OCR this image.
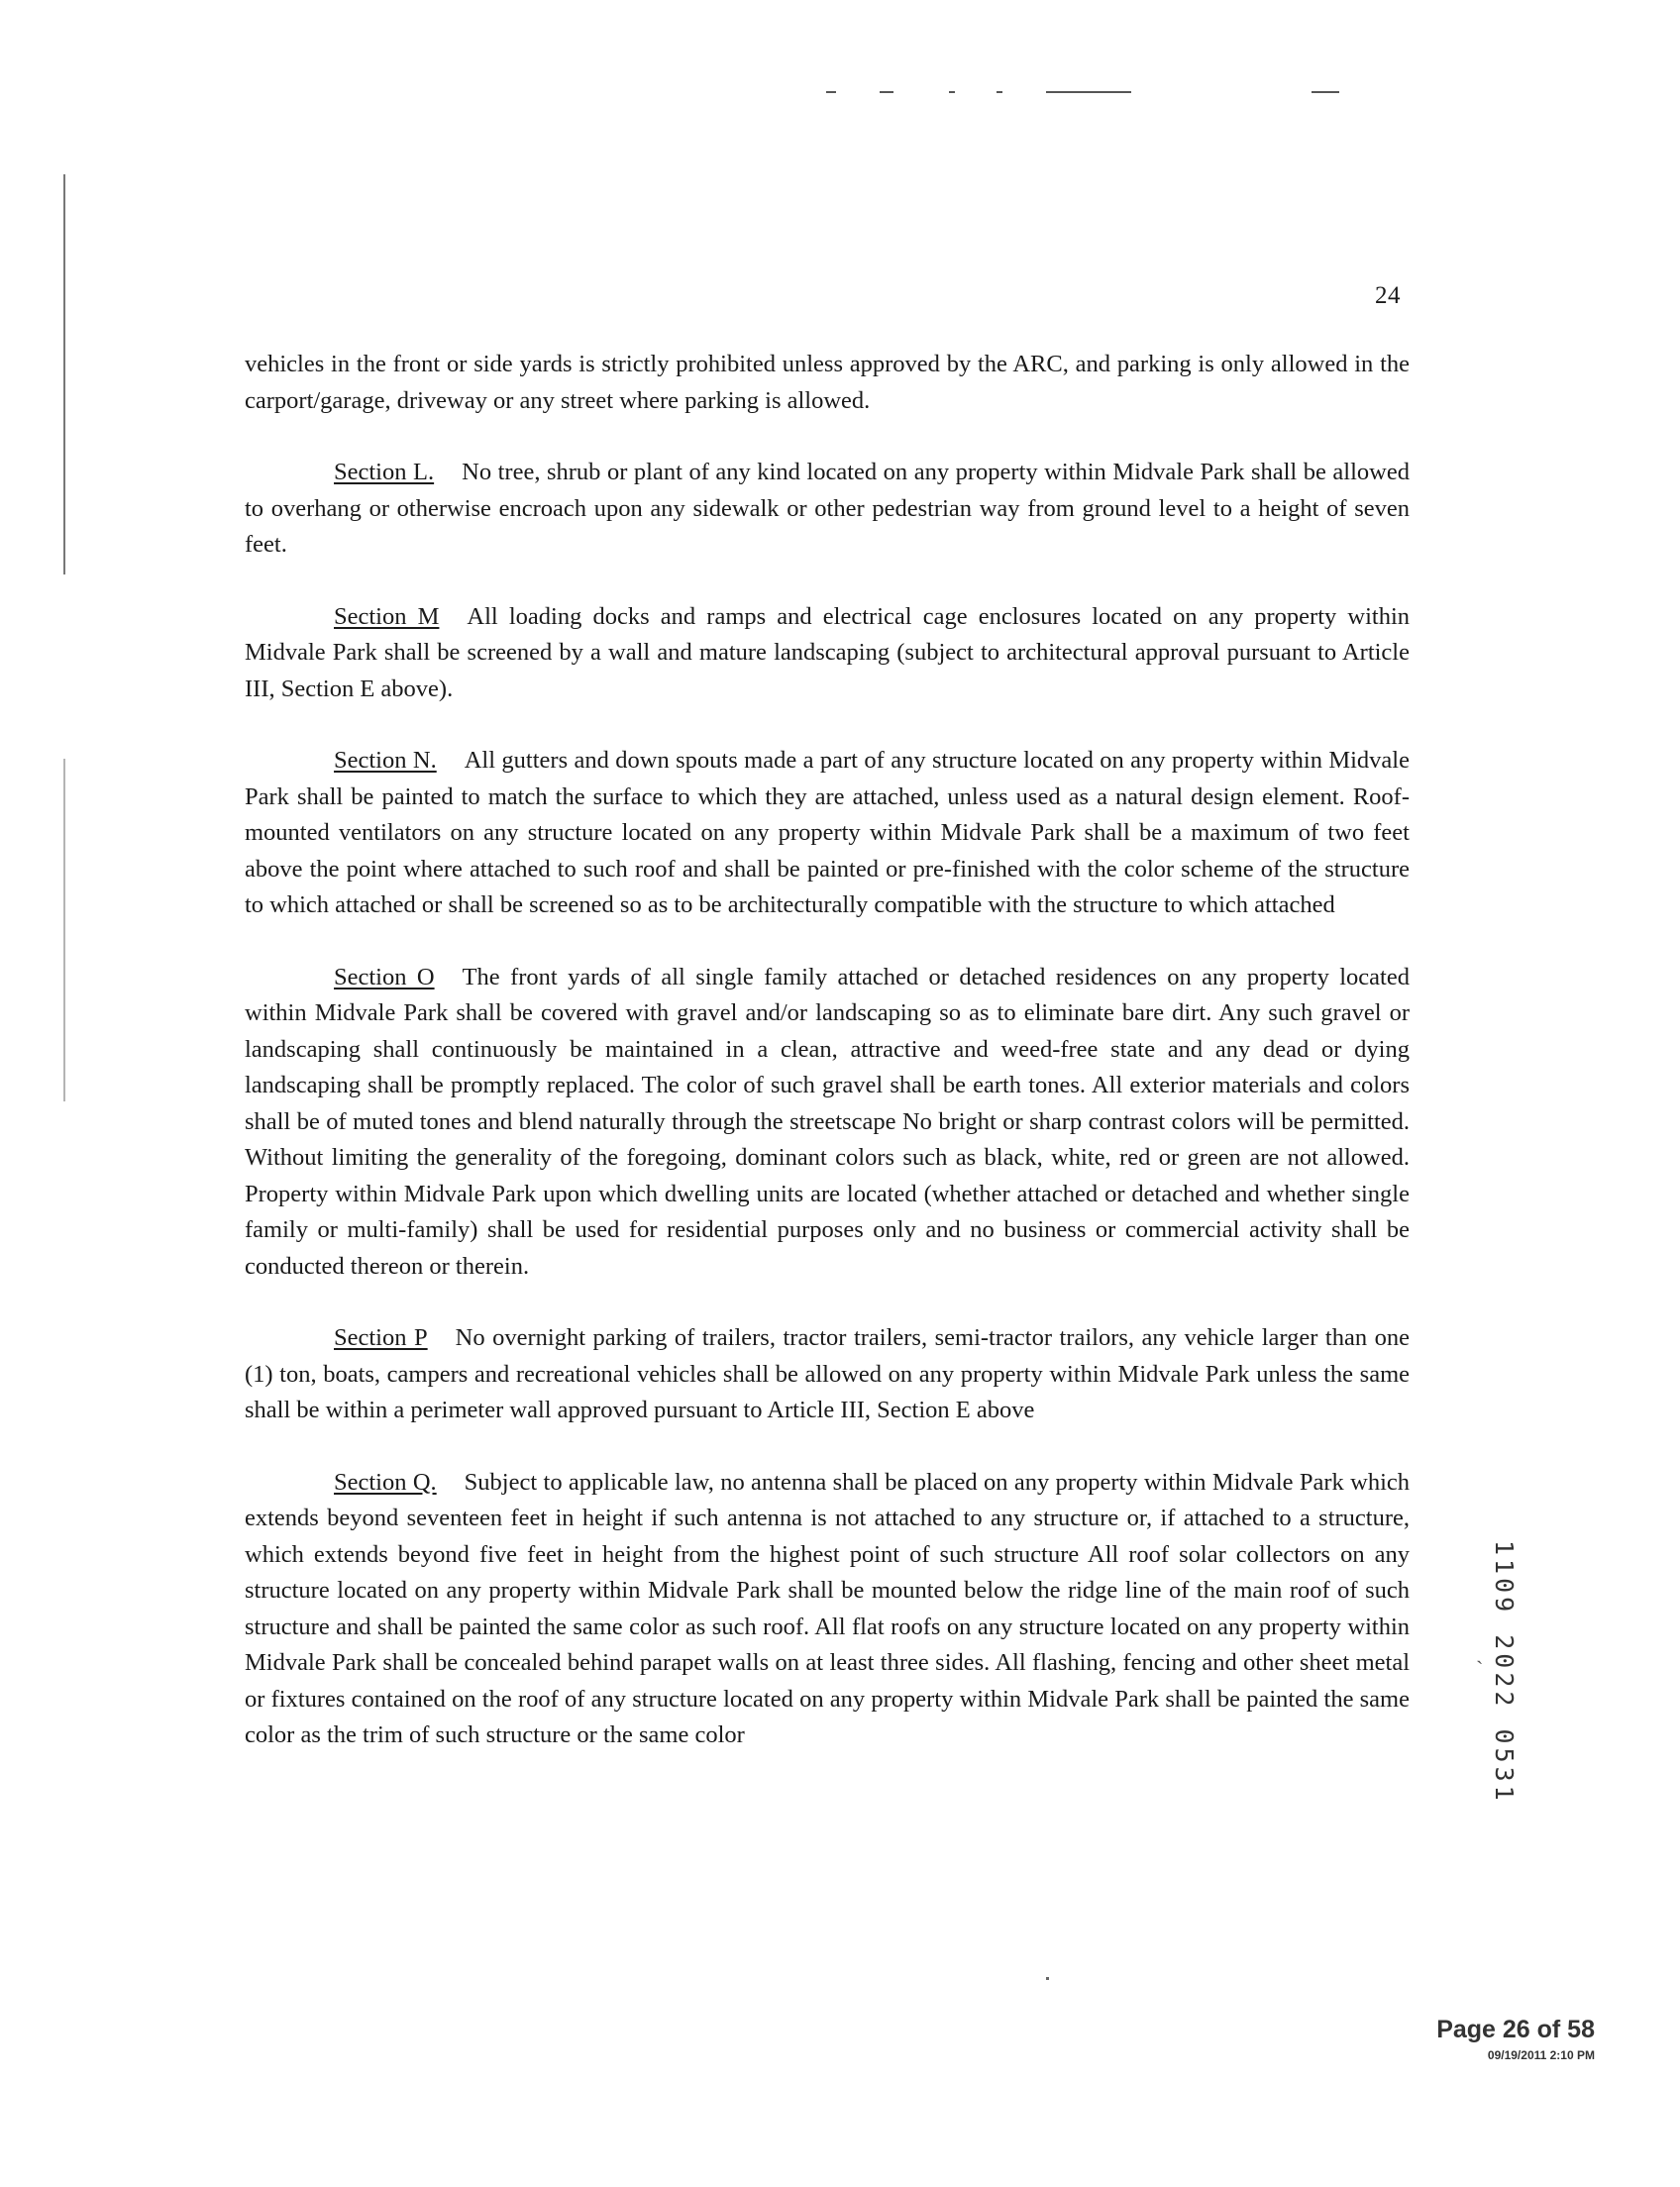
24

vehicles in the front or side yards is strictly prohibited unless approved by the ARC, and parking is only allowed in the carport/garage, driveway or any street where parking is allowed.

Section L. No tree, shrub or plant of any kind located on any property within Midvale Park shall be allowed to overhang or otherwise encroach upon any sidewalk or other pedestrian way from ground level to a height of seven feet.

Section M All loading docks and ramps and electrical cage enclosures located on any property within Midvale Park shall be screened by a wall and mature landscaping (subject to architectural approval pursuant to Article III, Section E above).

Section N. All gutters and down spouts made a part of any structure located on any property within Midvale Park shall be painted to match the surface to which they are attached, unless used as a natural design element. Roof-mounted ventilators on any structure located on any property within Midvale Park shall be a maximum of two feet above the point where attached to such roof and shall be painted or pre-finished with the color scheme of the structure to which attached or shall be screened so as to be architecturally compatible with the structure to which attached

Section O The front yards of all single family attached or detached residences on any property located within Midvale Park shall be covered with gravel and/or landscaping so as to eliminate bare dirt. Any such gravel or landscaping shall continuously be maintained in a clean, attractive and weed-free state and any dead or dying landscaping shall be promptly replaced. The color of such gravel shall be earth tones. All exterior materials and colors shall be of muted tones and blend naturally through the streetscape No bright or sharp contrast colors will be permitted. Without limiting the generality of the foregoing, dominant colors such as black, white, red or green are not allowed. Property within Midvale Park upon which dwelling units are located (whether attached or detached and whether single family or multi-family) shall be used for residential purposes only and no business or commercial activity shall be conducted thereon or therein.

Section P No overnight parking of trailers, tractor trailers, semi-tractor trailors, any vehicle larger than one (1) ton, boats, campers and recreational vehicles shall be allowed on any property within Midvale Park unless the same shall be within a perimeter wall approved pursuant to Article III, Section E above

Section Q. Subject to applicable law, no antenna shall be placed on any property within Midvale Park which extends beyond seventeen feet in height if such antenna is not attached to any structure or, if attached to a structure, which extends beyond five feet in height from the highest point of such structure All roof solar collectors on any structure located on any property within Midvale Park shall be mounted below the ridge line of the main roof of such structure and shall be painted the same color as such roof. All flat roofs on any structure located on any property within Midvale Park shall be concealed behind parapet walls on at least three sides. All flashing, fencing and other sheet metal or fixtures contained on the roof of any structure located on any property within Midvale Park shall be painted the same color as the trim of such structure or the same color	1109 2022 0531
ˏ
Page 26 of 58
09/19/2011 2:10 PM
